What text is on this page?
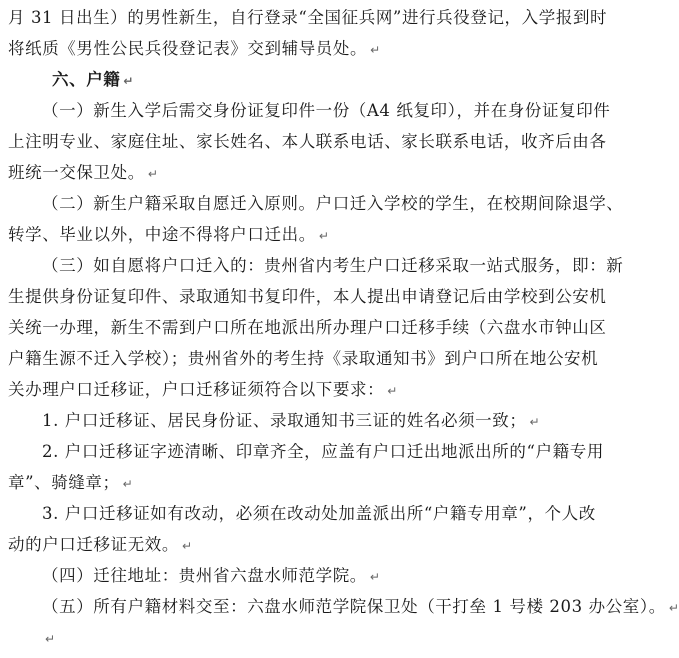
月 31 日出生）的男性新生，自行登录“全国征兵网”进行兵役登记，入学报到时
将纸质《男性公民兵役登记表》交到辅导员处。 ↵
六、户籍 ↵
（一）新生入学后需交身份证复印件一份（A4 纸复印），并在身份证复印件
上注明专业、家庭住址、家长姓名、本人联系电话、家长联系电话，收齐后由各
班统一交保卫处。 ↵
（二）新生户籍采取自愿迁入原则。户口迁入学校的学生，在校期间除退学、
转学、毕业以外，中途不得将户口迁出。 ↵
（三）如自愿将户口迁入的：贵州省内考生户口迁移采取一站式服务，即：新
生提供身份证复印件、录取通知书复印件，本人提出申请登记后由学校到公安机
关统一办理，新生不需到户口所在地派出所办理户口迁移手续（六盘水市钟山区
户籍生源不迁入学校）；贵州省外的考生持《录取通知书》到户口所在地公安机
关办理户口迁移证，户口迁移证须符合以下要求： ↵
1. 户口迁移证、居民身份证、录取通知书三证的姓名必须一致； ↵
2. 户口迁移证字迹清晰、印章齐全，应盖有户口迁出地派出所的“户籍专用
章”、骑缝章； ↵
3. 户口迁移证如有改动，必须在改动处加盖派出所“户籍专用章”，个人改
动的户口迁移证无效。 ↵
（四）迁往地址：贵州省六盘水师范学院。 ↵
（五）所有户籍材料交至：六盘水师范学院保卫处（干打垒 1 号楼 203 办公室）。 ↵
↵
